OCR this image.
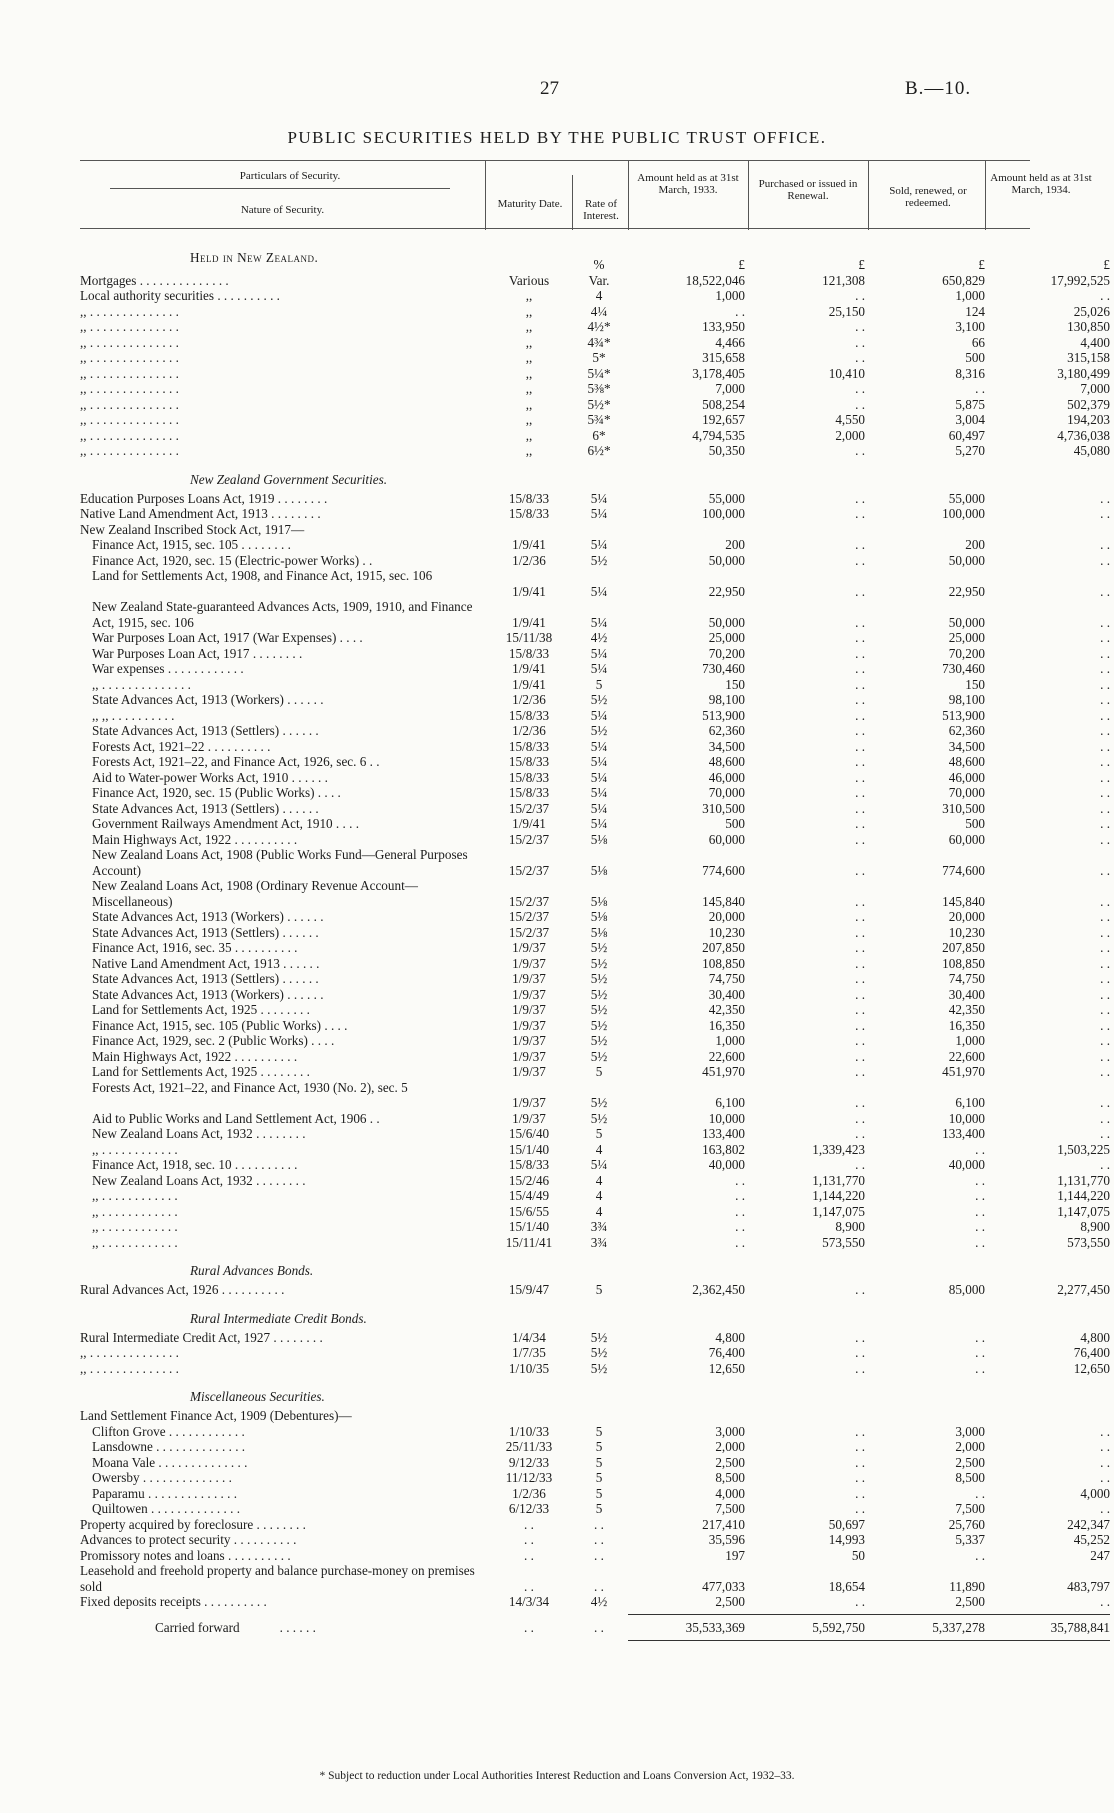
27	B.—10.
PUBLIC SECURITIES HELD BY THE PUBLIC TRUST OFFICE.
Particulars of Security.
Nature of Security.	Maturity Date.	Rate of Interest.
Amount held as at 31st March, 1933.	Purchased or issued in Renewal.	Sold, renewed, or redeemed.
Amount held as at 31st March, 1934.
Held in New Zealand.	%	£	£	£	£
Mortgages . . . . . . . . . . . . . .	Various	Var.	18,522,046	121,308	650,829	17,992,525
Local authority securities . . . . . . . . . .	,,	4	1,000	. .	1,000	. .
,, . . . . . . . . . . . . . .	,,	4¼	. .	25,150	124	25,026
,, . . . . . . . . . . . . . .	,,	4½*	133,950	. .	3,100	130,850
,, . . . . . . . . . . . . . .	,,	4¾*	4,466	. .	66	4,400
,, . . . . . . . . . . . . . .	,,	5*	315,658	. .	500	315,158
,, . . . . . . . . . . . . . .	,,	5¼*	3,178,405	10,410	8,316	3,180,499
,, . . . . . . . . . . . . . .	,,	5⅜*	7,000	. .	. .	7,000
,, . . . . . . . . . . . . . .	,,	5½*	508,254	. .	5,875	502,379
,, . . . . . . . . . . . . . .	,,	5¾*	192,657	4,550	3,004	194,203
,, . . . . . . . . . . . . . .	,,	6*	4,794,535	2,000	60,497	4,736,038
,, . . . . . . . . . . . . . .	,,	6½*	50,350	. .	5,270	45,080
New Zealand Government Securities.
Education Purposes Loans Act, 1919 . . . . . . . .	15/8/33	5¼	55,000	. .	55,000	. .
Native Land Amendment Act, 1913 . . . . . . . .	15/8/33	5¼	100,000	. .	100,000	. .
New Zealand Inscribed Stock Act, 1917—
Finance Act, 1915, sec. 105 . . . . . . . .	1/9/41	5¼	200	. .	200	. .
Finance Act, 1920, sec. 15 (Electric-power Works) . .	1/2/36	5½	50,000	. .	50,000	. .
Land for Settlements Act, 1908, and Finance Act, 1915, sec. 106
1/9/41	5¼	22,950	. .	22,950	. .
New Zealand State-guaranteed Advances Acts, 1909, 1910, and Finance Act, 1915, sec. 106	1/9/41	5¼	50,000	. .	50,000	. .
War Purposes Loan Act, 1917 (War Expenses) . . . .	15/11/38	4½	25,000	. .	25,000	. .
War Purposes Loan Act, 1917 . . . . . . . .	15/8/33	5¼	70,200	. .	70,200	. .
War expenses . . . . . . . . . . . .	1/9/41	5¼	730,460	. .	730,460	. .
,, . . . . . . . . . . . . . .	1/9/41	5	150	. .	150	. .
State Advances Act, 1913 (Workers) . . . . . .	1/2/36	5½	98,100	. .	98,100	. .
,, ,, . . . . . . . . . .	15/8/33	5¼	513,900	. .	513,900	. .
State Advances Act, 1913 (Settlers) . . . . . .	1/2/36	5½	62,360	. .	62,360	. .
Forests Act, 1921–22 . . . . . . . . . .	15/8/33	5¼	34,500	. .	34,500	. .
Forests Act, 1921–22, and Finance Act, 1926, sec. 6 . .	15/8/33	5¼	48,600	. .	48,600	. .
Aid to Water-power Works Act, 1910 . . . . . .	15/8/33	5¼	46,000	. .	46,000	. .
Finance Act, 1920, sec. 15 (Public Works) . . . .	15/8/33	5¼	70,000	. .	70,000	. .
State Advances Act, 1913 (Settlers) . . . . . .	15/2/37	5¼	310,500	. .	310,500	. .
Government Railways Amendment Act, 1910 . . . .	1/9/41	5¼	500	. .	500	. .
Main Highways Act, 1922 . . . . . . . . . .	15/2/37	5⅛	60,000	. .	60,000	. .
New Zealand Loans Act, 1908 (Public Works Fund—General Purposes Account)	15/2/37	5⅛	774,600	. .	774,600	. .
New Zealand Loans Act, 1908 (Ordinary Revenue Account—Miscellaneous)	15/2/37	5⅛	145,840	. .	145,840	. .
State Advances Act, 1913 (Workers) . . . . . .	15/2/37	5⅛	20,000	. .	20,000	. .
State Advances Act, 1913 (Settlers) . . . . . .	15/2/37	5⅛	10,230	. .	10,230	. .
Finance Act, 1916, sec. 35 . . . . . . . . . .	1/9/37	5½	207,850	. .	207,850	. .
Native Land Amendment Act, 1913 . . . . . .	1/9/37	5½	108,850	. .	108,850	. .
State Advances Act, 1913 (Settlers) . . . . . .	1/9/37	5½	74,750	. .	74,750	. .
State Advances Act, 1913 (Workers) . . . . . .	1/9/37	5½	30,400	. .	30,400	. .
Land for Settlements Act, 1925 . . . . . . . .	1/9/37	5½	42,350	. .	42,350	. .
Finance Act, 1915, sec. 105 (Public Works) . . . .	1/9/37	5½	16,350	. .	16,350	. .
Finance Act, 1929, sec. 2 (Public Works) . . . .	1/9/37	5½	1,000	. .	1,000	. .
Main Highways Act, 1922 . . . . . . . . . .	1/9/37	5½	22,600	. .	22,600	. .
Land for Settlements Act, 1925 . . . . . . . .	1/9/37	5	451,970	. .	451,970	. .
Forests Act, 1921–22, and Finance Act, 1930 (No. 2), sec. 5
1/9/37	5½	6,100	. .	6,100	. .
Aid to Public Works and Land Settlement Act, 1906 . .	1/9/37	5½	10,000	. .	10,000	. .
New Zealand Loans Act, 1932 . . . . . . . .	15/6/40	5	133,400	. .	133,400	. .
,, . . . . . . . . . . . .	15/1/40	4	163,802	1,339,423	. .	1,503,225
Finance Act, 1918, sec. 10 . . . . . . . . . .	15/8/33	5¼	40,000	. .	40,000	. .
New Zealand Loans Act, 1932 . . . . . . . .	15/2/46	4	. .	1,131,770	. .	1,131,770
,, . . . . . . . . . . . .	15/4/49	4	. .	1,144,220	. .	1,144,220
,, . . . . . . . . . . . .	15/6/55	4	. .	1,147,075	. .	1,147,075
,, . . . . . . . . . . . .	15/1/40	3¾	. .	8,900	. .	8,900
,, . . . . . . . . . . . .	15/11/41	3¾	. .	573,550	. .	573,550
Rural Advances Bonds.
Rural Advances Act, 1926 . . . . . . . . . .	15/9/47	5	2,362,450	. .	85,000	2,277,450
Rural Intermediate Credit Bonds.
Rural Intermediate Credit Act, 1927 . . . . . . . .	1/4/34	5½	4,800	. .	. .	4,800
,, . . . . . . . . . . . . . .	1/7/35	5½	76,400	. .	. .	76,400
,, . . . . . . . . . . . . . .	1/10/35	5½	12,650	. .	. .	12,650
Miscellaneous Securities.
Land Settlement Finance Act, 1909 (Debentures)—
Clifton Grove . . . . . . . . . . . .	1/10/33	5	3,000	. .	3,000	. .
Lansdowne . . . . . . . . . . . . . .	25/11/33	5	2,000	. .	2,000	. .
Moana Vale . . . . . . . . . . . . . .	9/12/33	5	2,500	. .	2,500	. .
Owersby . . . . . . . . . . . . . .	11/12/33	5	8,500	. .	8,500	. .
Paparamu . . . . . . . . . . . . . .	1/2/36	5	4,000	. .	. .	4,000
Quiltowen . . . . . . . . . . . . . .	6/12/33	5	7,500	. .	7,500	. .
Property acquired by foreclosure . . . . . . . .	. .	. .	217,410	50,697	25,760	242,347
Advances to protect security . . . . . . . . . .	. .	. .	35,596	14,993	5,337	45,252
Promissory notes and loans . . . . . . . . . .	. .	. .	197	50	. .	247
Leasehold and freehold property and balance purchase-money on premises sold	. .	. .	477,033	18,654	11,890	483,797
Fixed deposits receipts . . . . . . . . . .	14/3/34	4½	2,500	. .	2,500	. .
Carried forward	. . . . . .	. .	. .	35,533,369	5,592,750	5,337,278	35,788,841
* Subject to reduction under Local Authorities Interest Reduction and Loans Conversion Act, 1932–33.
